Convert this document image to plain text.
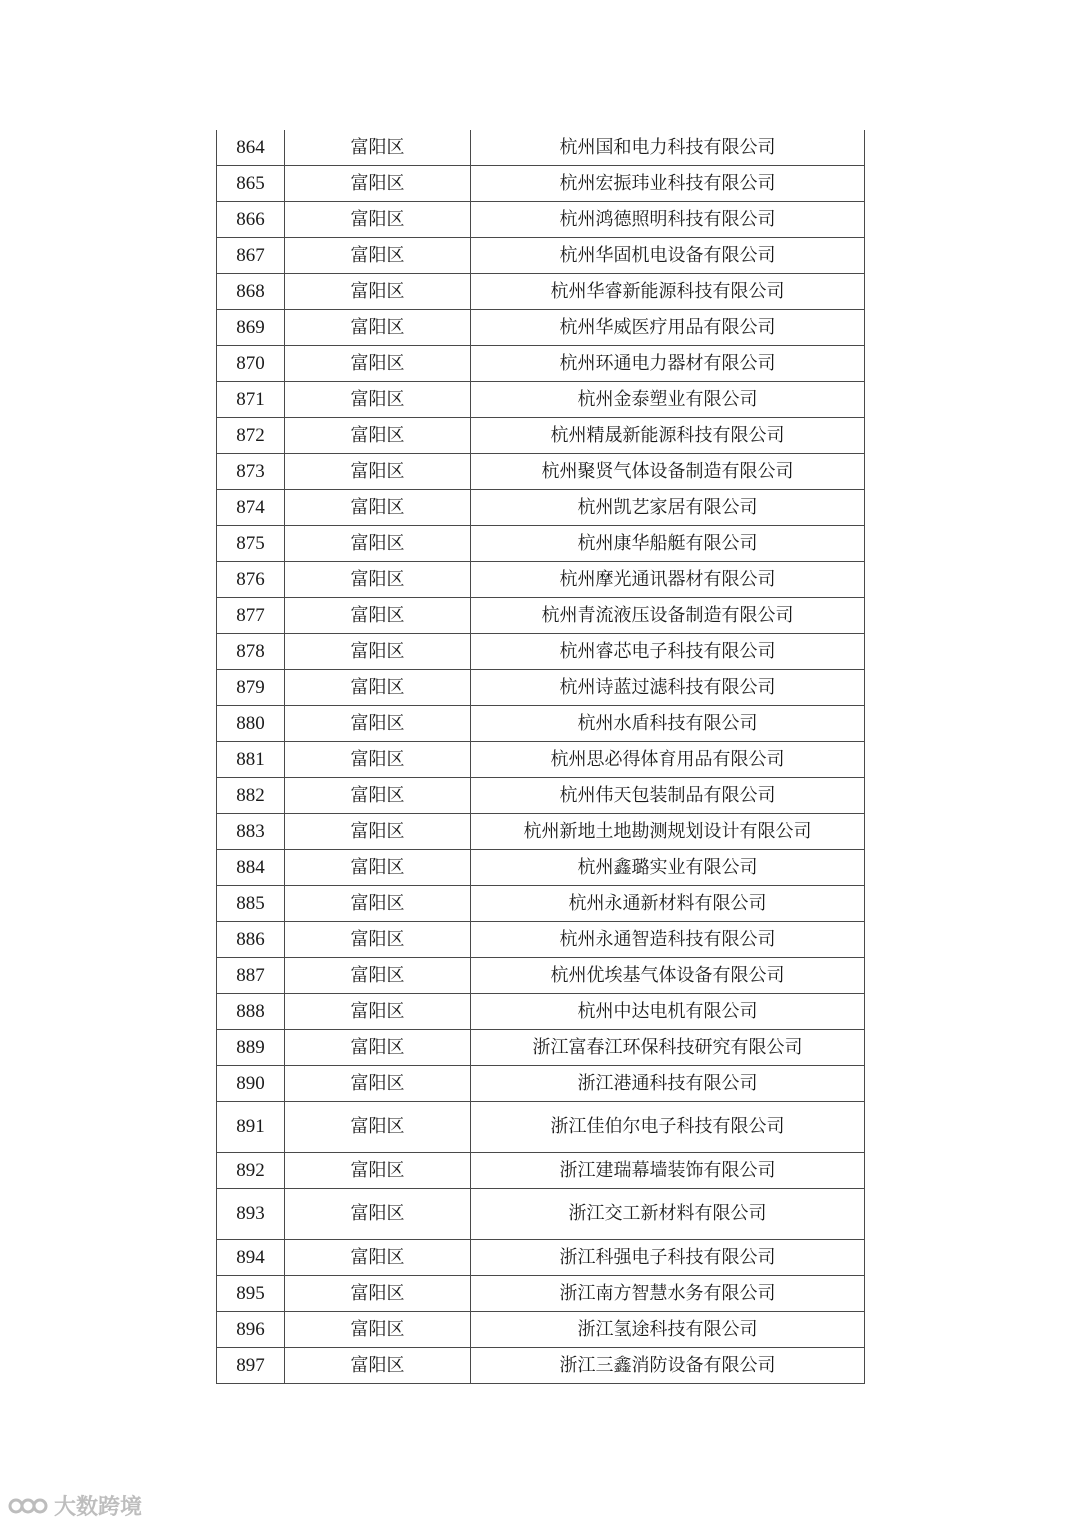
864	富阳区	杭州国和电力科技有限公司
865	富阳区	杭州宏振玮业科技有限公司
866	富阳区	杭州鸿德照明科技有限公司
867	富阳区	杭州华固机电设备有限公司
868	富阳区	杭州华睿新能源科技有限公司
869	富阳区	杭州华威医疗用品有限公司
870	富阳区	杭州环通电力器材有限公司
871	富阳区	杭州金泰塑业有限公司
872	富阳区	杭州精晟新能源科技有限公司
873	富阳区	杭州聚贤气体设备制造有限公司
874	富阳区	杭州凯艺家居有限公司
875	富阳区	杭州康华船艇有限公司
876	富阳区	杭州摩光通讯器材有限公司
877	富阳区	杭州青流液压设备制造有限公司
878	富阳区	杭州睿芯电子科技有限公司
879	富阳区	杭州诗蓝过滤科技有限公司
880	富阳区	杭州水盾科技有限公司
881	富阳区	杭州思必得体育用品有限公司
882	富阳区	杭州伟天包装制品有限公司
883	富阳区	杭州新地土地勘测规划设计有限公司
884	富阳区	杭州鑫璐实业有限公司
885	富阳区	杭州永通新材料有限公司
886	富阳区	杭州永通智造科技有限公司
887	富阳区	杭州优埃基气体设备有限公司
888	富阳区	杭州中达电机有限公司
889	富阳区	浙江富春江环保科技研究有限公司
890	富阳区	浙江港通科技有限公司
891	富阳区	浙江佳伯尔电子科技有限公司
892	富阳区	浙江建瑞幕墙装饰有限公司
893	富阳区	浙江交工新材料有限公司
894	富阳区	浙江科强电子科技有限公司
895	富阳区	浙江南方智慧水务有限公司
896	富阳区	浙江氢途科技有限公司
897	富阳区	浙江三鑫消防设备有限公司
大数跨境
